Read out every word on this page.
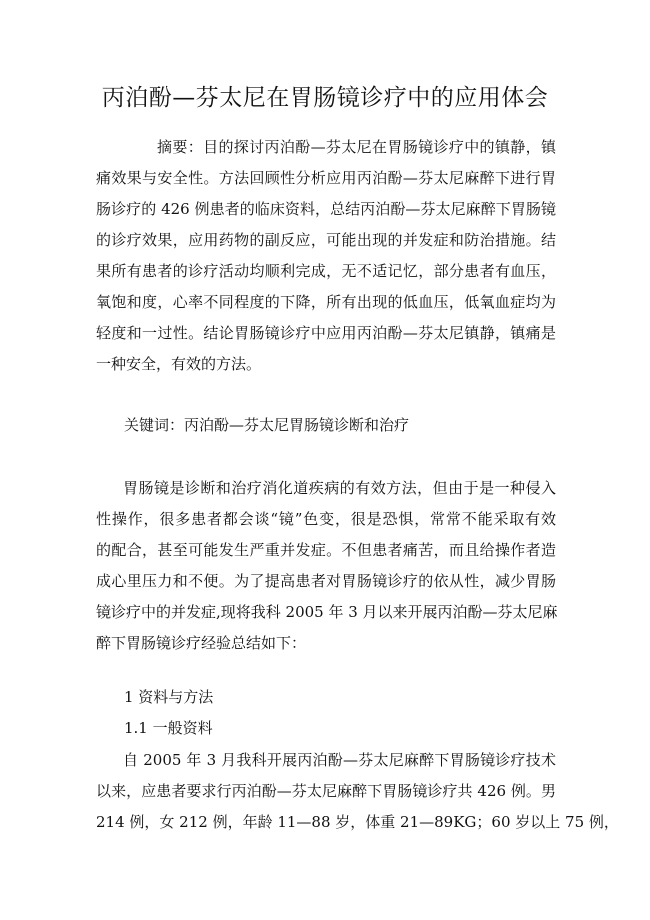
丙泊酚—芬太尼在胃肠镜诊疗中的应用体会
摘要：目的探讨丙泊酚—芬太尼在胃肠镜诊疗中的镇静，镇
痛效果与安全性。方法回顾性分析应用丙泊酚—芬太尼麻醉下进行胃
肠诊疗的 426 例患者的临床资料，总结丙泊酚—芬太尼麻醉下胃肠镜
的诊疗效果，应用药物的副反应，可能出现的并发症和防治措施。结
果所有患者的诊疗活动均顺利完成，无不适记忆，部分患者有血压，
氧饱和度，心率不同程度的下降，所有出现的低血压，低氧血症均为
轻度和一过性。结论胃肠镜诊疗中应用丙泊酚—芬太尼镇静，镇痛是
一种安全，有效的方法。
关键词：丙泊酚—芬太尼胃肠镜诊断和治疗
胃肠镜是诊断和治疗消化道疾病的有效方法，但由于是一种侵入
性操作，很多患者都会谈“镜”色变，很是恐惧，常常不能采取有效
的配合，甚至可能发生严重并发症。不但患者痛苦，而且给操作者造
成心里压力和不便。为了提高患者对胃肠镜诊疗的依从性，减少胃肠
镜诊疗中的并发症,现将我科 2005 年 3 月以来开展丙泊酚—芬太尼麻
醉下胃肠镜诊疗经验总结如下：
1 资料与方法
1.1 一般资料
自 2005 年 3 月我科开展丙泊酚—芬太尼麻醉下胃肠镜诊疗技术
以来，应患者要求行丙泊酚—芬太尼麻醉下胃肠镜诊疗共 426 例。男
214 例，女 212 例，年龄 11—88 岁，体重 21—89KG；60 岁以上 75 例，
